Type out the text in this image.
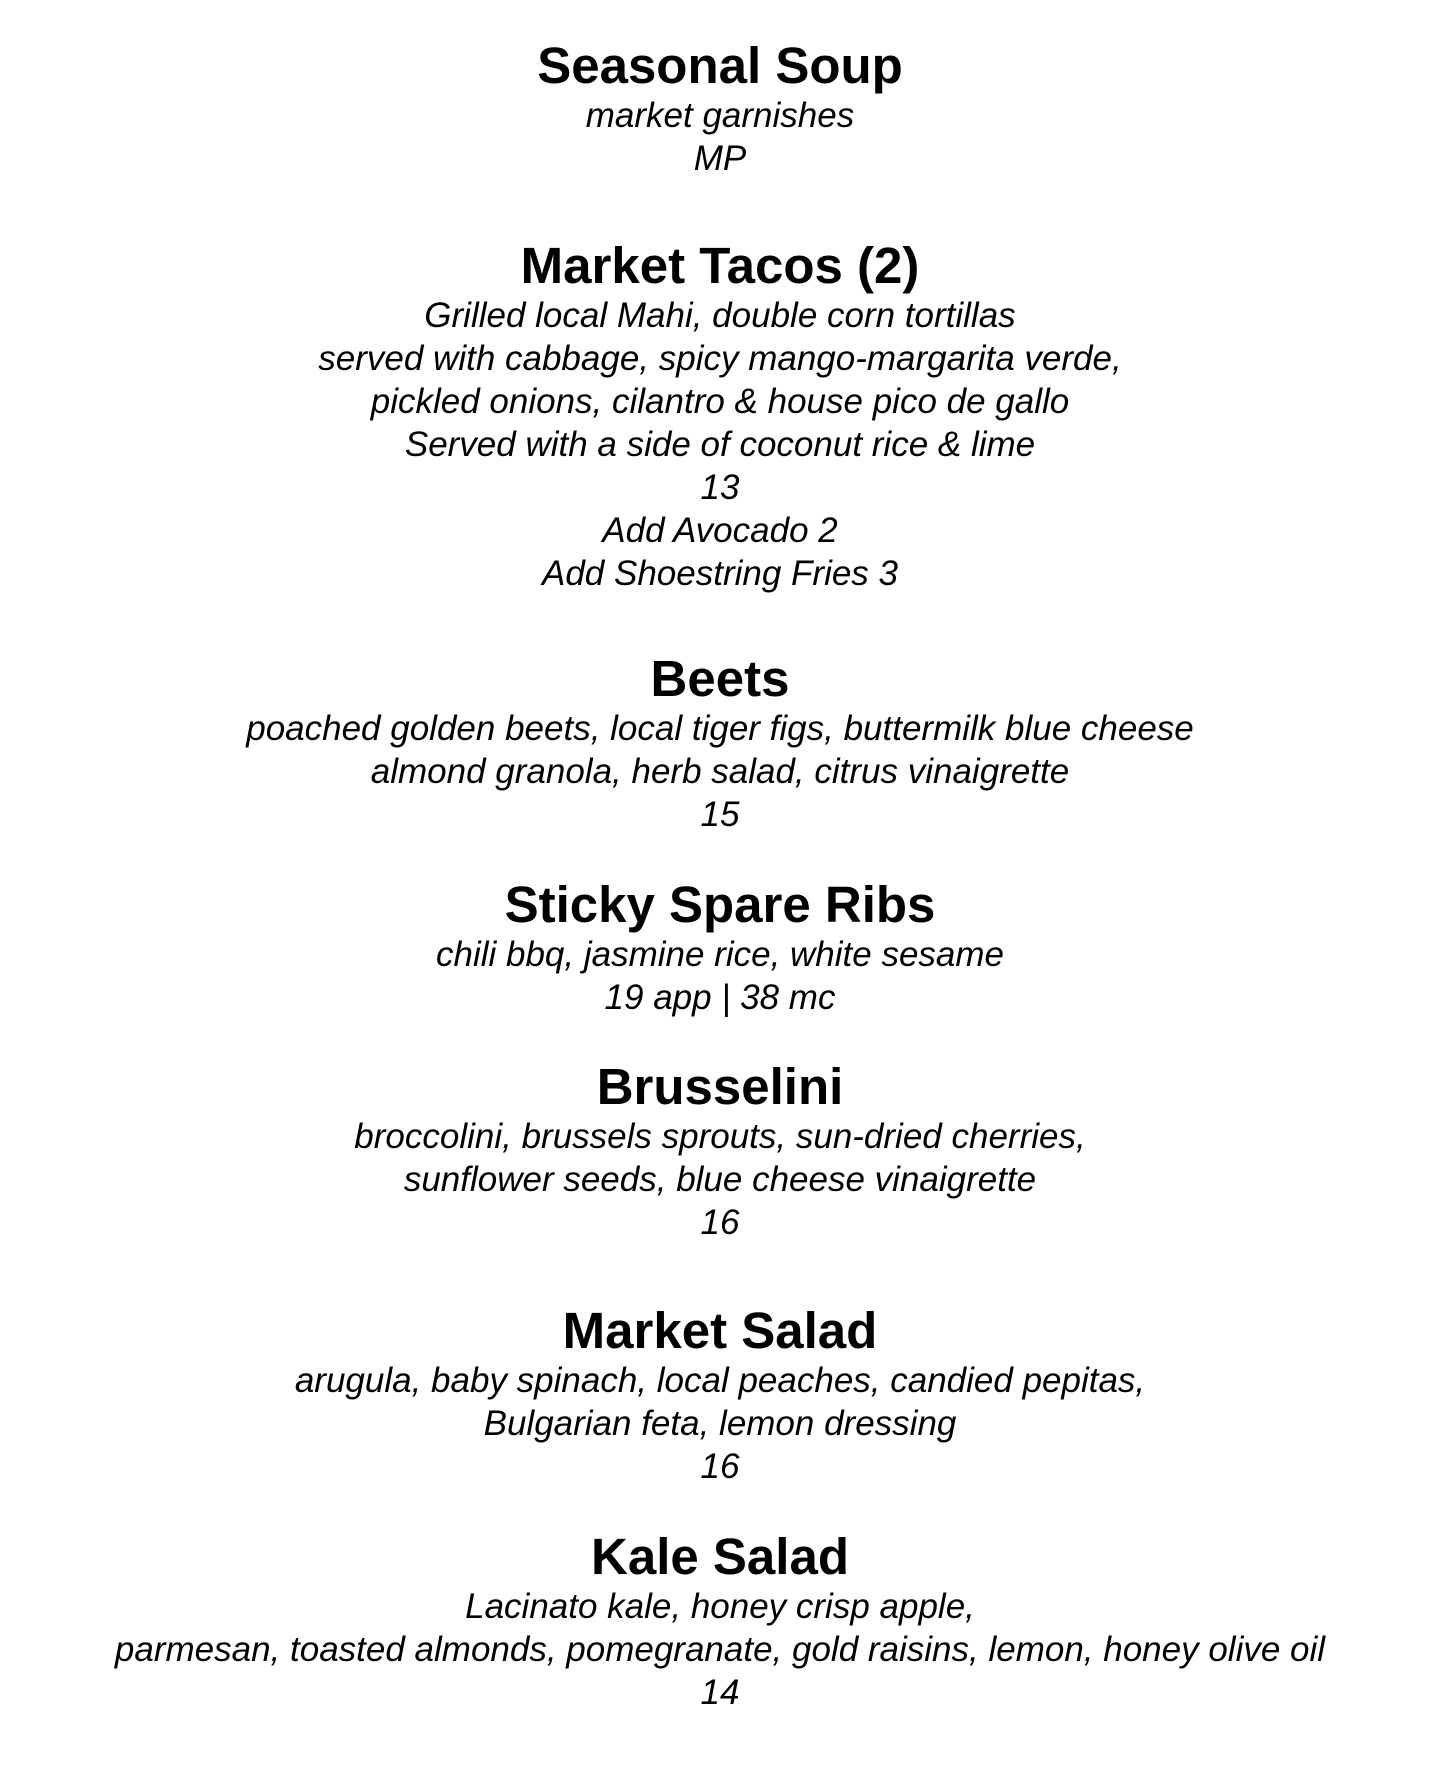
Seasonal Soup

market garnishes

MP

Market Tacos (2)

Grilled local Mahi, double corn tortillas

served with cabbage, spicy mango-margarita verde,

pickled onions, cilantro & house pico de gallo

Served with a side of coconut rice & lime

13

Add Avocado 2

Add Shoestring Fries 3

Beets

poached golden beets, local tiger figs, buttermilk blue cheese

almond granola, herb salad, citrus vinaigrette

15

Sticky Spare Ribs

chili bbq, jasmine rice, white sesame

19 app | 38 mc

Brusselini

broccolini, brussels sprouts, sun-dried cherries,

sunflower seeds, blue cheese vinaigrette

16

Market Salad

arugula, baby spinach, local peaches, candied pepitas,

Bulgarian feta, lemon dressing

16

Kale Salad

Lacinato kale, honey crisp apple,

parmesan, toasted almonds, pomegranate, gold raisins, lemon, honey olive oil

14
